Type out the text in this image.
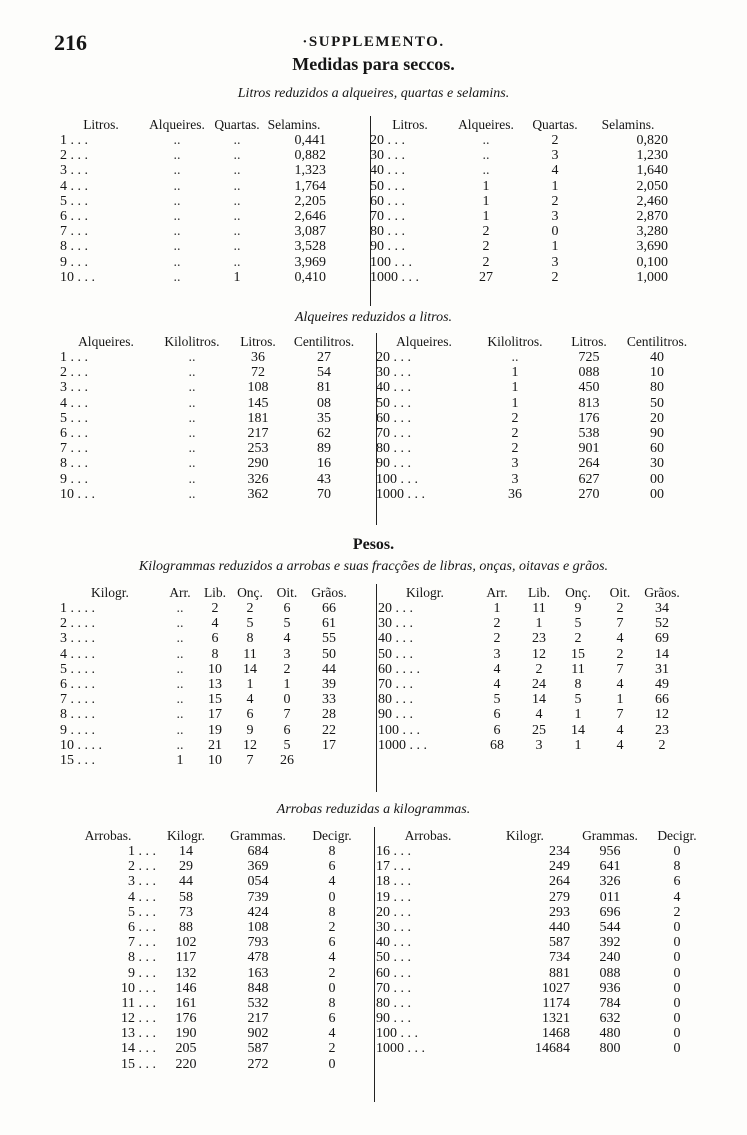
216	·SUPPLEMENTO.
Medidas para seccos.
Litros reduzidos a alqueires, quartas e selamins.
Litros.	Alqueires. Quartas. Selamins.
1 . . .	..	..	0,441
2 . . .	..	..	0,882
3 . . .	..	..	1,323
4 . . .	..	..	1,764
5 . . .	..	..	2,205
6 . . .	..	..	2,646
7 . . .	..	..	3,087
8 . . .	..	..	3,528
9 . . .	..	..	3,969
10 . . .	..	1	0,410
Litros.	Alqueires.	Quartas.	Selamins.
20 . . .	..	2	0,820
30 . . .	..	3	1,230
40 . . .	..	4	1,640
50 . . .	1	1	2,050
60 . . .	1	2	2,460
70 . . .	1	3	2,870
80 . . .	2	0	3,280
90 . . .	2	1	3,690
100 . . .	2	3	0,100
1000 . . .	27	2	1,000
Alqueires reduzidos a litros.
Alqueires.	Kilolitros.	Litros.	Centilitros.
1 . . .	..	36	27
2 . . .	..	72	54
3 . . .	..	108	81
4 . . .	..	145	08
5 . . .	..	181	35
6 . . .	..	217	62
7 . . .	..	253	89
8 . . .	..	290	16
9 . . .	..	326	43
10 . . .	..	362	70
Alqueires.	Kilolitros.	Litros.	Centilitros.
20 . . .	..	725	40
30 . . .	1	088	10
40 . . .	1	450	80
50 . . .	1	813	50
60 . . .	2	176	20
70 . . .	2	538	90
80 . . .	2	901	60
90 . . .	3	264	30
100 . . .	3	627	00
1000 . . .	36	270	00
Pesos.
Kilogrammas reduzidos a arrobas e suas fracções de libras, onças, oitavas e grãos.
Kilogr.	Arr. Lib. Onç.	Oit.	Grãos.
1 . . . .	..	2	2	6	66
2 . . . .	..	4	5	5	61
3 . . . .	..	6	8	4	55
4 . . . .	..	8	11	3	50
5 . . . .	..	10	14	2	44
6 . . . .	..	13	1	1	39
7 . . . .	..	15	4	0	33
8 . . . .	..	17	6	7	28
9 . . . .	..	19	9	6	22
10 . . . .	..	21	12	5	17
15 . . .	1	10	7	26
Kilogr.	Arr.	Lib.	Onç.	Oit.	Grãos.
20 . . .	1	11	9	2	34
30 . . .	2	1	5	7	52
40 . . .	2	23	2	4	69
50 . . .	3	12	15	2	14
60 . . . .	4	2	11	7	31
70 . . .	4	24	8	4	49
80 . . .	5	14	5	1	66
90 . . .	6	4	1	7	12
100 . . .	6	25	14	4	23
1000 . . .	68	3	1	4	2
Arrobas reduzidas a kilogrammas.
Arrobas.	Kilogr.	Grammas.	Decigr.
1 . . .	14	684	8
2 . . .	29	369	6
3 . . .	44	054	4
4 . . .	58	739	0
5 . . .	73	424	8
6 . . .	88	108	2
7 . . .	102	793	6
8 . . .	117	478	4
9 . . .	132	163	2
10 . . .	146	848	0
11 . . .	161	532	8
12 . . .	176	217	6
13 . . .	190	902	4
14 . . .	205	587	2
15 . . .	220	272	0
Arrobas.	Kilogr.	Grammas.	Decigr.
16 . . .	234	956	0
17 . . .	249	641	8
18 . . .	264	326	6
19 . . .	279	011	4
20 . . .	293	696	2
30 . . .	440	544	0
40 . . .	587	392	0
50 . . .	734	240	0
60 . . .	881	088	0
70 . . .	1027	936	0
80 . . .	1174	784	0
90 . . .	1321	632	0
100 . . .	1468	480	0
1000 . . .	14684	800	0
